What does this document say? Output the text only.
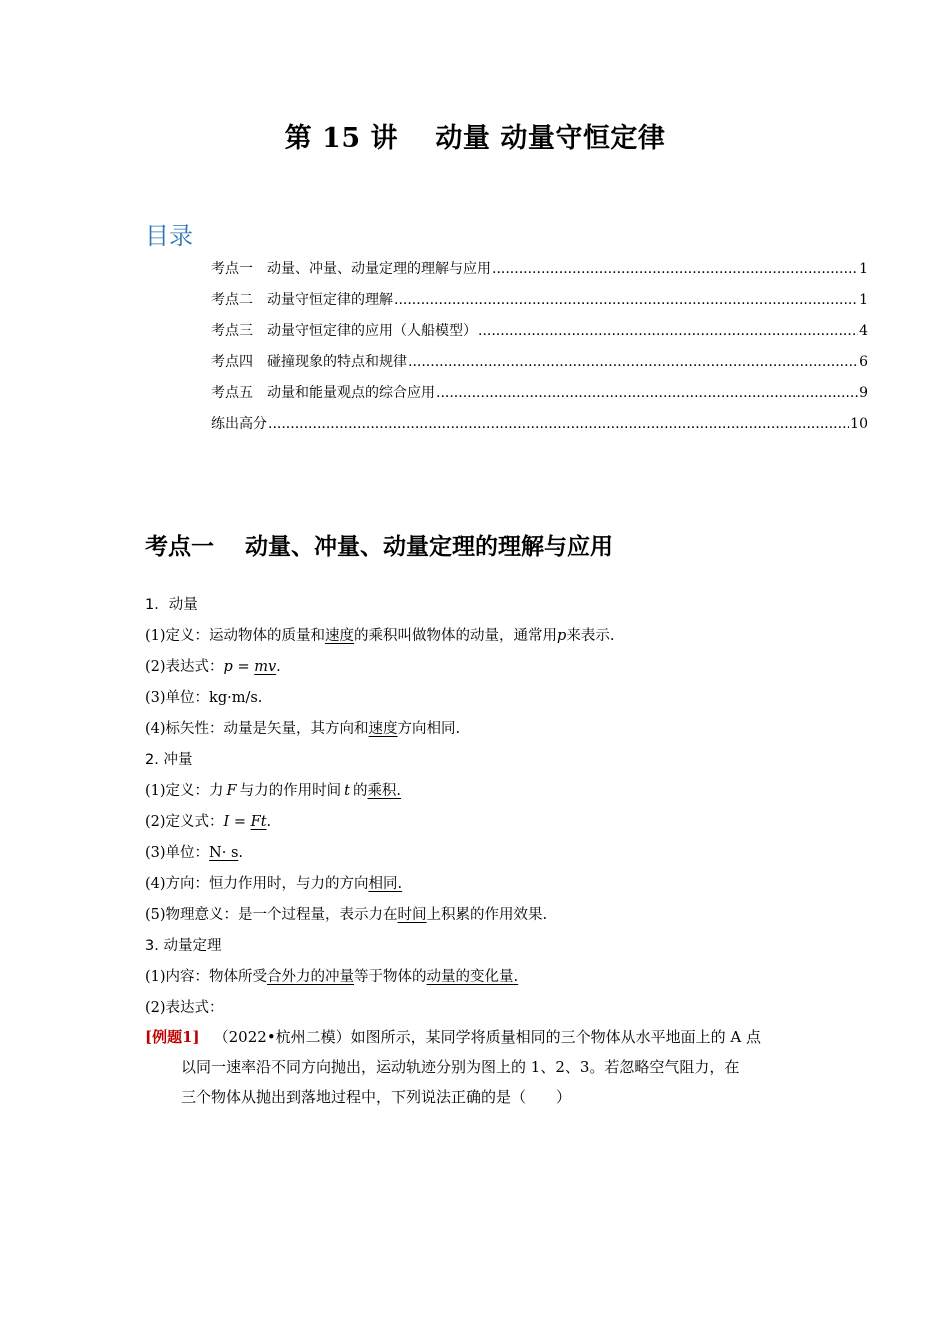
第 15 讲　 动量 动量守恒定律
目录
考点一　 动量、冲量、动量定理的理解与应用 .....	1
考点二　 动量守恒定律的理解 .....	1
考点三　 动量守恒定律的应用（人船模型） .....	4
考点四　 碰撞现象的特点和规律 .....	6
考点五　 动量和能量观点的综合应用 .....	9
练出高分 .....	10
考点一　 动量、冲量、动量定理的理解与应用
1．动量
(1)定义：运动物体的质量和速度的乘积叫做物体的动量，通常用p来表示.
(2)表达式：p = mv.
(3)单位：kg·m/s.
(4)标矢性：动量是矢量，其方向和速度方向相同.
2. 冲量
(1)定义：力 F 与力的作用时间 t 的乘积.
(2)定义式：I = Ft.
(3)单位：N· s.
(4)方向：恒力作用时，与力的方向相同.
(5)物理意义：是一个过程量，表示力在时间上积累的作用效果.
3. 动量定理
(1)内容：物体所受合外力的冲量等于物体的动量的变化量.
(2)表达式：
[例题1] （2022•杭州二模）如图所示，某同学将质量相同的三个物体从水平地面上的 A 点
以同一速率沿不同方向抛出，运动轨迹分别为图上的 1、2、3。若忽略空气阻力，在
三个物体从抛出到落地过程中，下列说法正确的是（　　）
